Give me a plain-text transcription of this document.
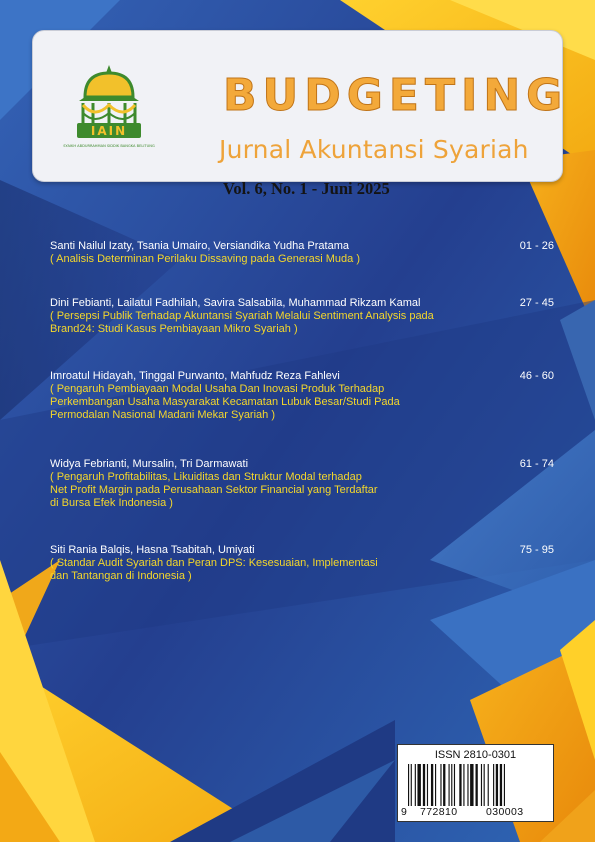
IAIN
SYAIKH ABDURRAHMAN SIDDIK BANGKA BELITUNG
BUDGETING

Jurnal Akuntansi Syariah

Vol. 6, No. 1 - Juni 2025
Santi Nailul Izaty, Tsania Umairo, Versiandika Yudha Pratama
( Analisis Determinan Perilaku Dissaving pada Generasi Muda )
01 - 26
Dini Febianti, Lailatul Fadhilah, Savira Salsabila, Muhammad Rikzam Kamal
( Persepsi Publik Terhadap Akuntansi Syariah Melalui Sentiment Analysis pada
Brand24: Studi Kasus Pembiayaan Mikro Syariah )
27 - 45
Imroatul Hidayah, Tinggal Purwanto, Mahfudz Reza Fahlevi
( Pengaruh Pembiayaan Modal Usaha Dan Inovasi Produk Terhadap
Perkembangan Usaha Masyarakat Kecamatan Lubuk Besar/Studi Pada
Permodalan Nasional Madani Mekar Syariah )
46 - 60
Widya Febrianti, Mursalin, Tri Darmawati
( Pengaruh Profitabilitas, Likuiditas dan Struktur Modal terhadap
Net Profit Margin pada Perusahaan Sektor Financial yang Terdaftar
di Bursa Efek Indonesia )
61 - 74
Siti Rania Balqis, Hasna Tsabitah, Umiyati
( Standar Audit Syariah dan Peran DPS: Kesesuaian, Implementasi
dan Tantangan di Indonesia )
75 - 95
ISSN 2810-0301
9 772810	030003
